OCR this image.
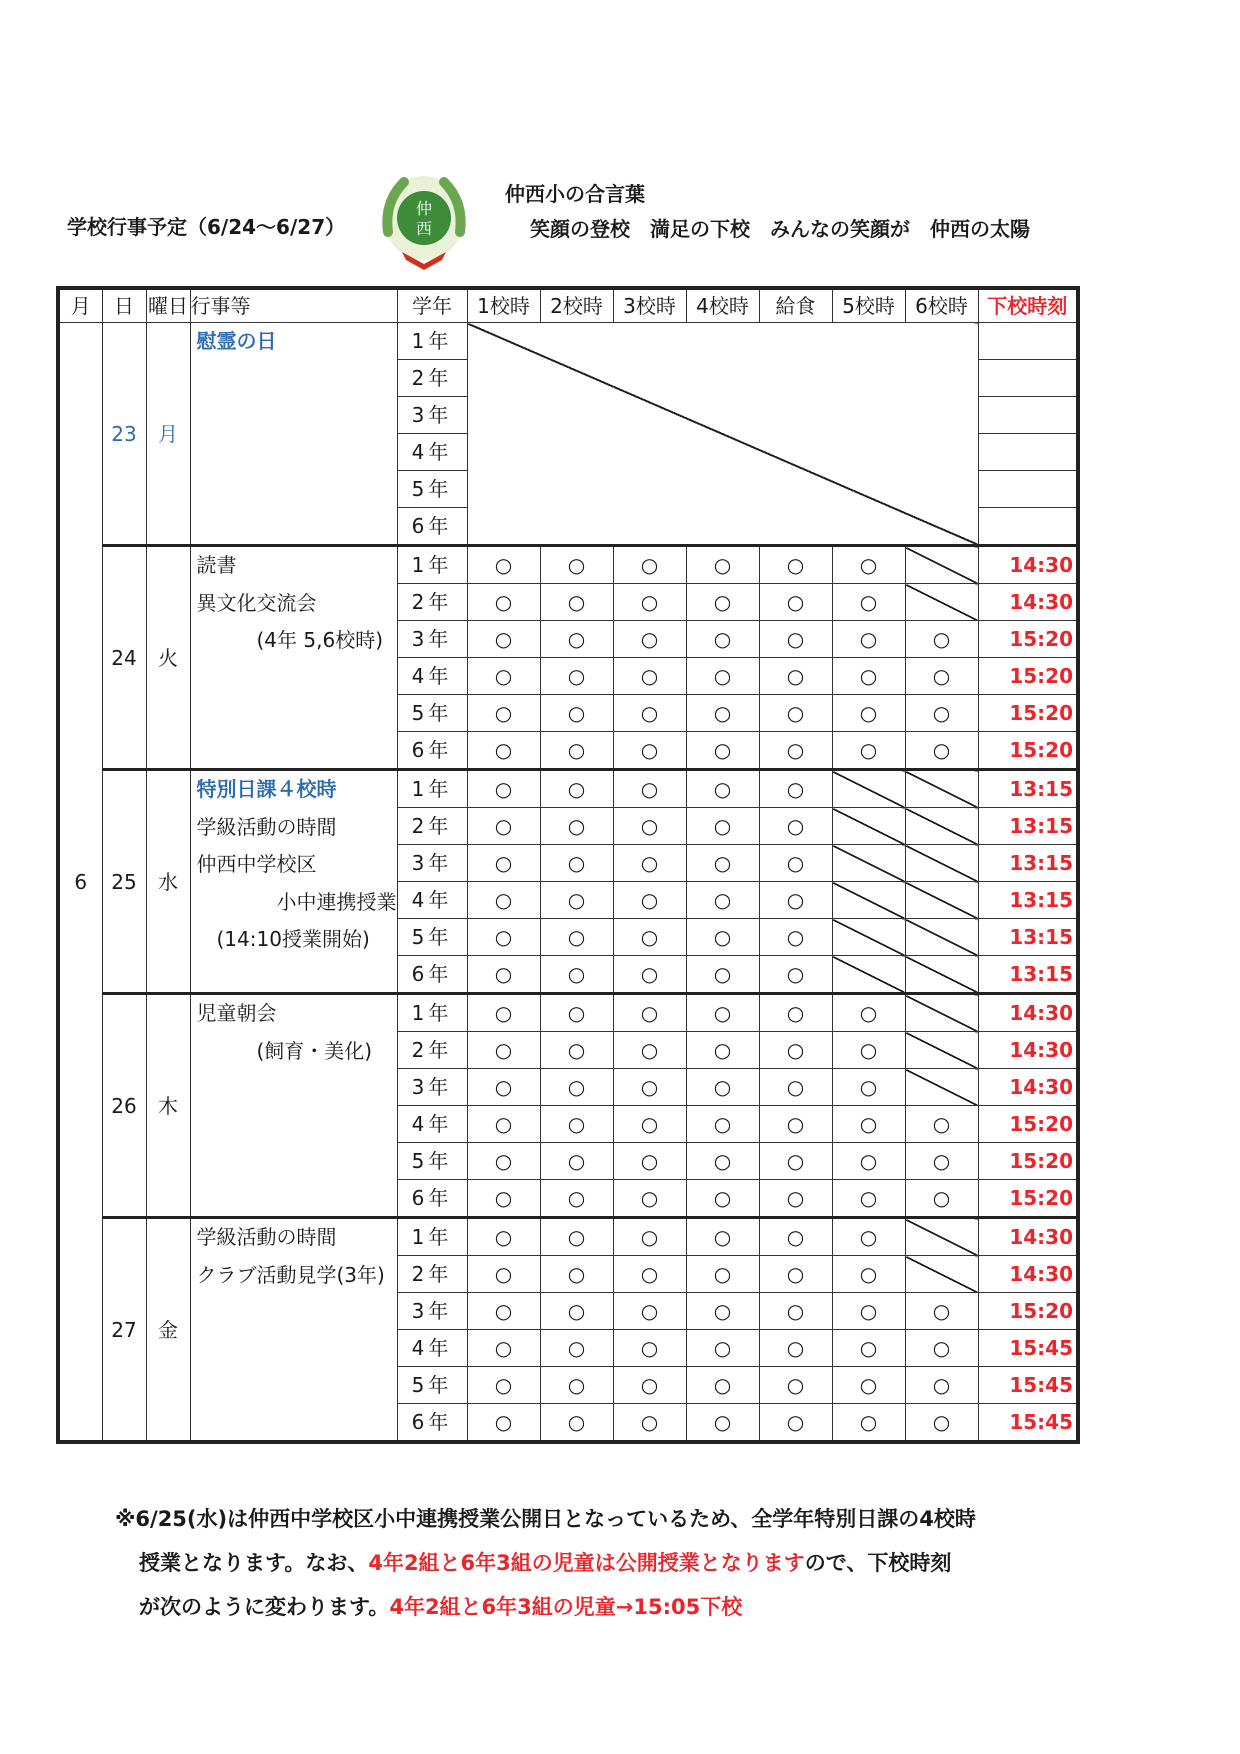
学校行事予定（6/24〜6/27）
仲
西
仲西小の合言葉
笑顔の登校　満足の下校　みんなの笑顔が　仲西の太陽
月	日	曜日	行事等	学年	1校時	2校時	3校時	4校時	給食	5校時	6校時	下校時刻
6	23	月	慰霊の日	1年								
				2年								
				3年								
				4年								
				5年								
				6年								
	24	火	読書
異文化交流会
　　　(4年 5,6校時)	1年	○	○	○	○	○	○		14:30
				2年	○	○	○	○	○	○		14:30
				3年	○	○	○	○	○	○	○	15:20
				4年	○	○	○	○	○	○	○	15:20
				5年	○	○	○	○	○	○	○	15:20
				6年	○	○	○	○	○	○	○	15:20
	25	水	特別日課４校時
学級活動の時間
仲西中学校区
　　　　小中連携授業
　(14:10授業開始)	1年	○	○	○	○	○			13:15
				2年	○	○	○	○	○			13:15
				3年	○	○	○	○	○			13:15
				4年	○	○	○	○	○			13:15
				5年	○	○	○	○	○			13:15
				6年	○	○	○	○	○			13:15
	26	木	児童朝会
　　　(飼育・美化)	1年	○	○	○	○	○	○		14:30
				2年	○	○	○	○	○	○		14:30
				3年	○	○	○	○	○	○		14:30
				4年	○	○	○	○	○	○	○	15:20
				5年	○	○	○	○	○	○	○	15:20
				6年	○	○	○	○	○	○	○	15:20
	27	金	学級活動の時間
クラブ活動見学(3年)	1年	○	○	○	○	○	○		14:30
				2年	○	○	○	○	○	○		14:30
				3年	○	○	○	○	○	○	○	15:20
				4年	○	○	○	○	○	○	○	15:45
				5年	○	○	○	○	○	○	○	15:45
				6年	○	○	○	○	○	○	○	15:45
※6/25(水)は仲西中学校区小中連携授業公開日となっているため、全学年特別日課の4校時
授業となります。なお、4年2組と6年3組の児童は公開授業となりますので、下校時刻
が次のように変わります。4年2組と6年3組の児童→15:05下校
